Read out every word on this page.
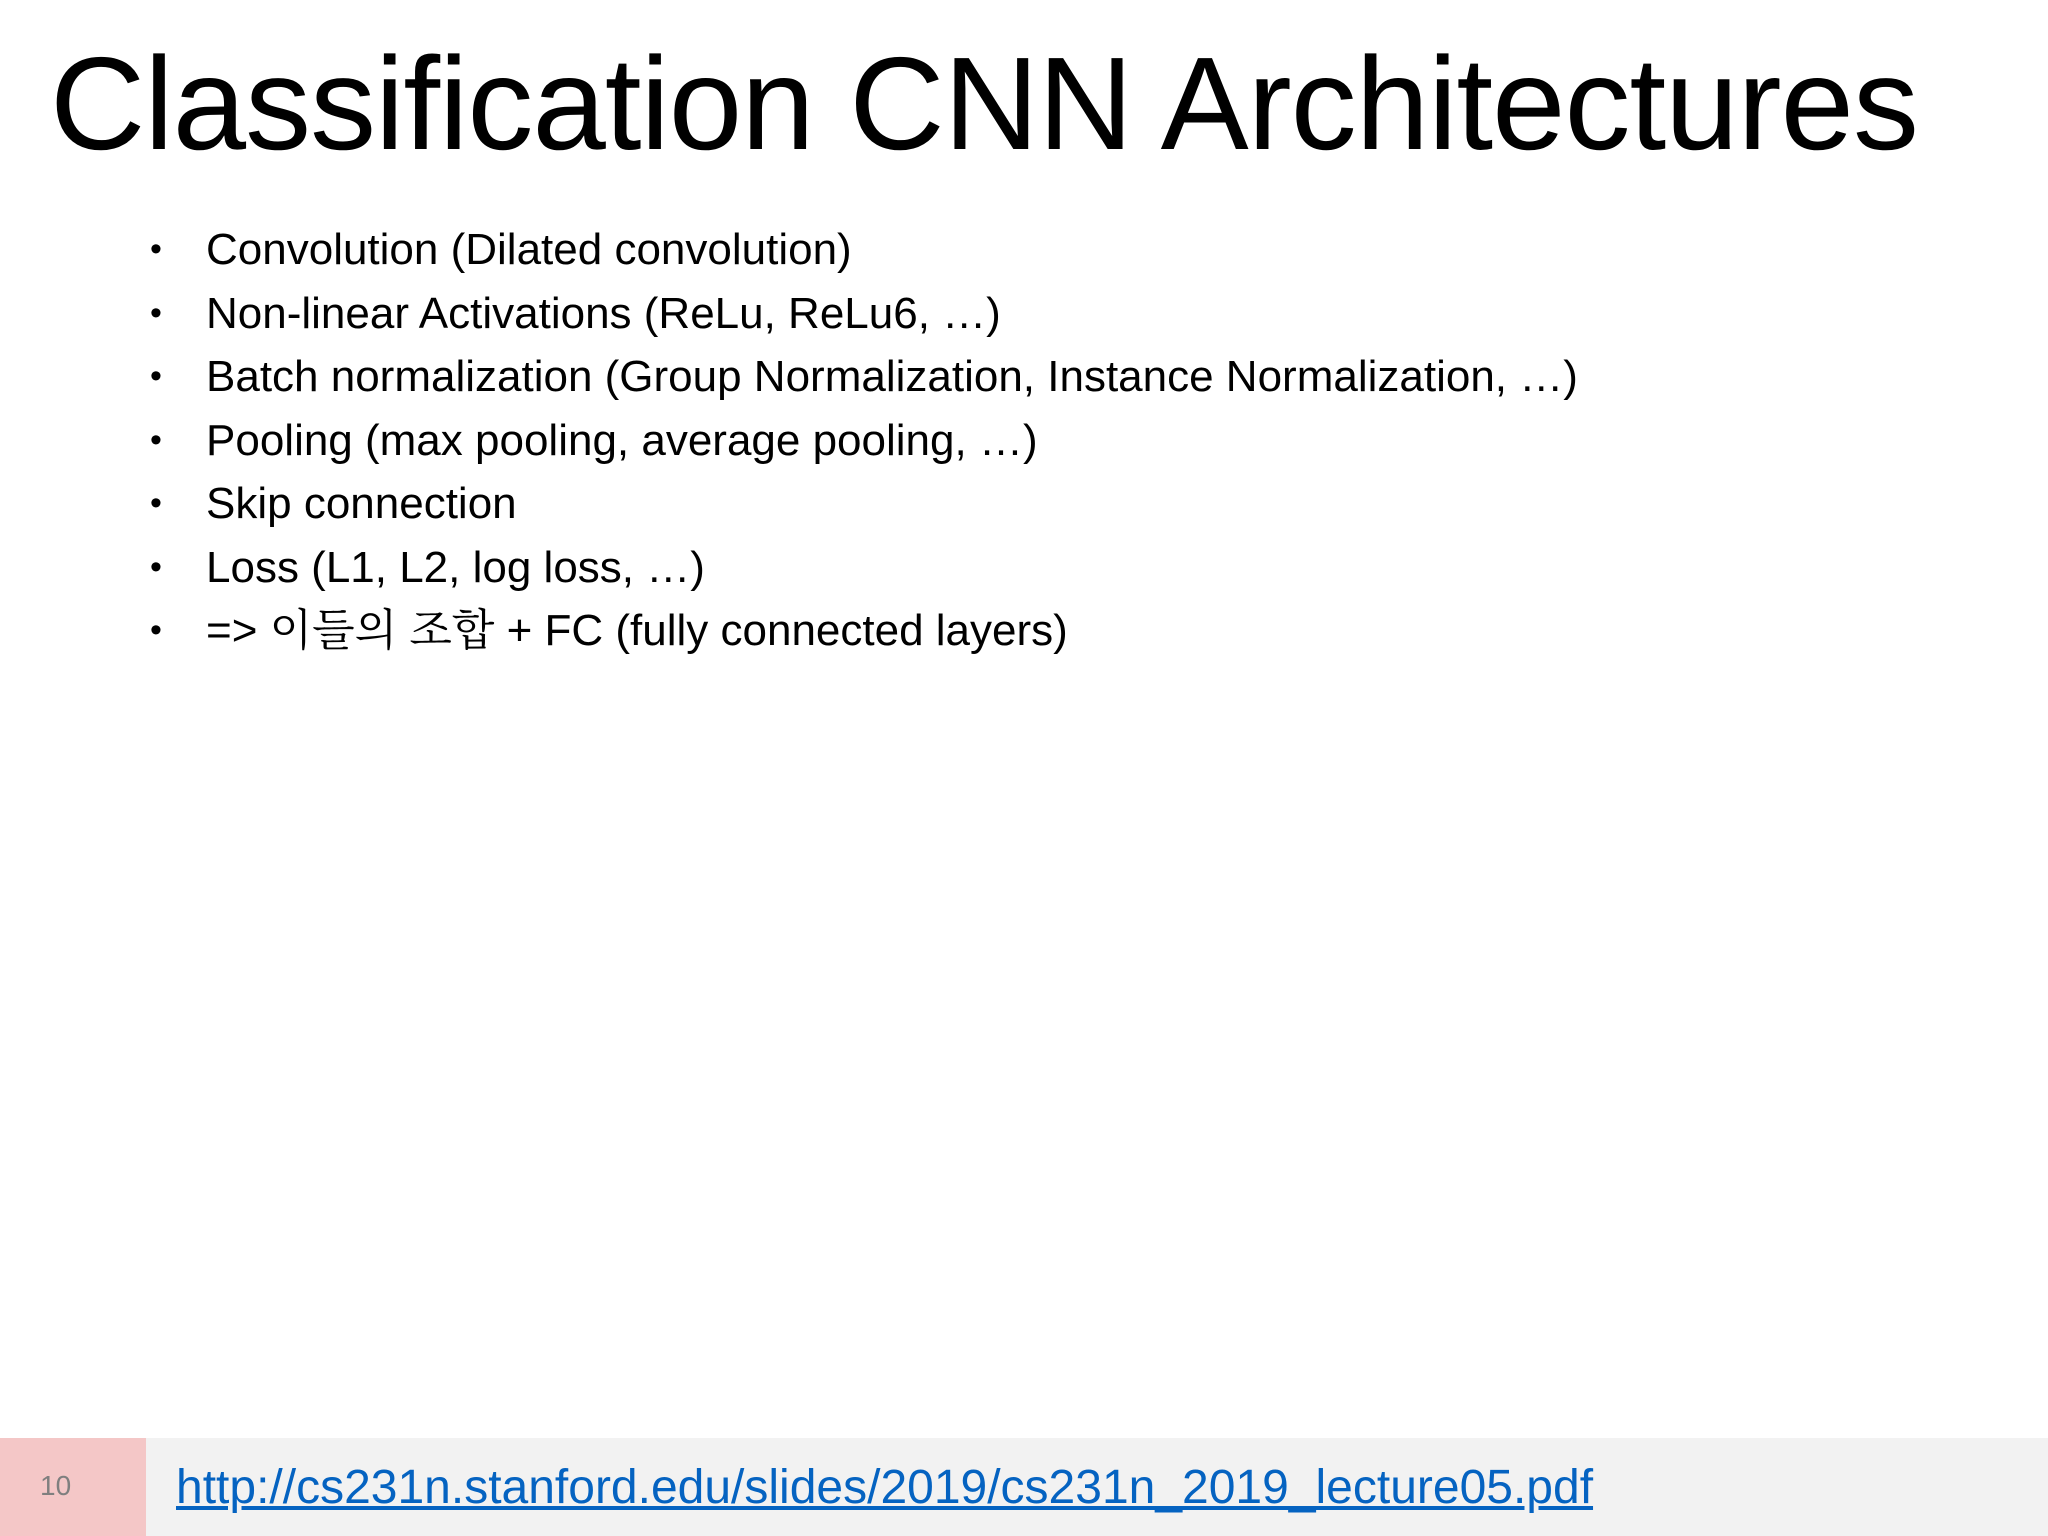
Classification CNN Architectures
•	Convolution (Dilated convolution)
•	Non-linear Activations (ReLu, ReLu6, …)
•	Batch normalization (Group Normalization, Instance Normalization, …)
•	Pooling (max pooling, average pooling, …)
•	Skip connection
•	Loss (L1, L2, log loss, …)
•	=> 이들의 조합 + FC (fully connected layers)
10 http://cs231n.stanford.edu/slides/2019/cs231n_2019_lecture05.pdf
